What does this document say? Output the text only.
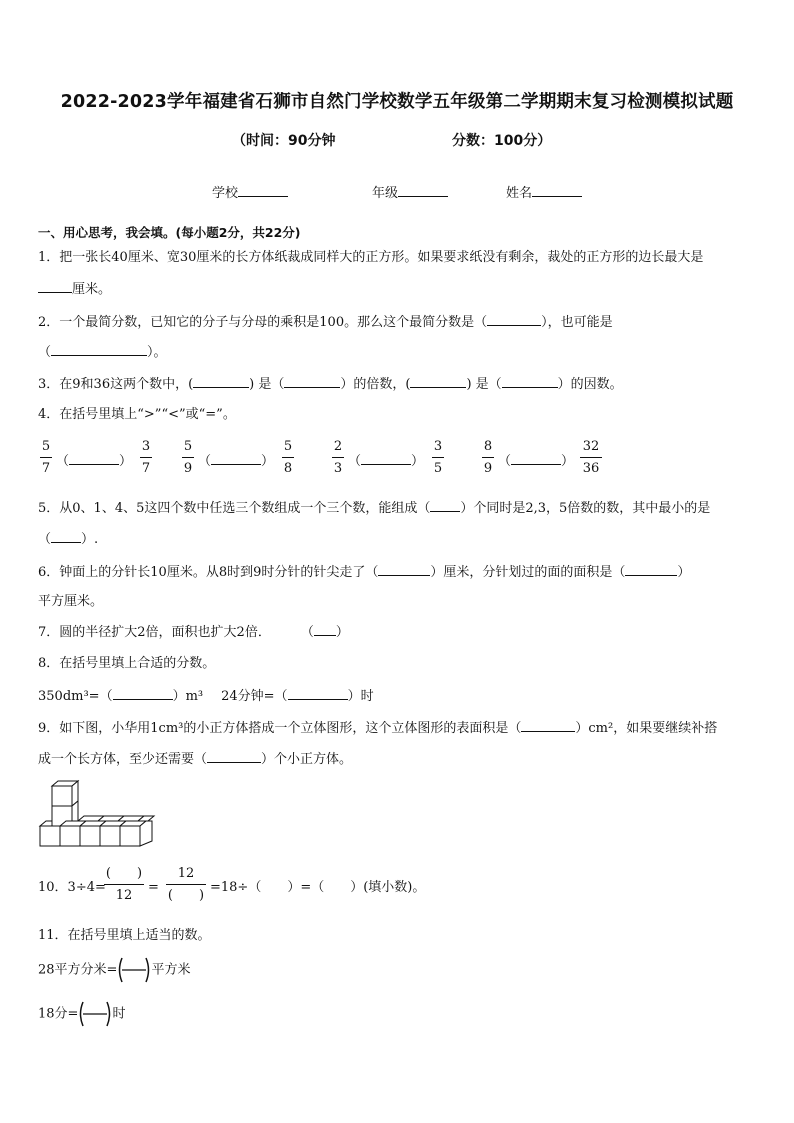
2022-2023学年福建省石狮市自然门学校数学五年级第二学期期末复习检测模拟试题
（时间：90分钟	分数：100分）
学校	年级	姓名
一、用心思考，我会填。(每小题2分，共22分)
1．把一张长40厘米、宽30厘米的长方体纸裁成同样大的正方形。如果要求纸没有剩余，裁处的正方形的边长最大是
厘米。
2．一个最简分数，已知它的分子与分母的乘积是100。那么这个最简分数是（	），也可能是
（	）。
3．在9和36这两个数中，(	) 是（	）的倍数，(	) 是（	）的因数。
4．在括号里填上“>”“<”或“=”。
5
7 （	）
3
7
5
9 （	）
5
8
2
3 （	）
3
5
8
9 （	）
32
36
5．从0、1、4、5这四个数中任选三个数组成一个三个数，能组成（ ）个同时是2,3，5倍数的数，其中最小的是
（ ）.
6．钟面上的分针长10厘米。从8时到9时分针的针尖走了（	）厘米，分针划过的面的面积是（	）
平方厘米。
7．圆的半径扩大2倍，面积也扩大2倍． （ ）
8．在括号里填上合适的分数。
350dm³=（	）m³ 24分钟=（	）时
9．如下图，小华用1cm³的小正方体搭成一个立体图形，这个立体图形的表面积是（	）cm²，如果要继续补搭
成一个长方体，至少还需要（	）个小正方体。
10．3÷4=
(　　)
12
=
12
(　　)
=18÷（　　）=（　　）(填小数)。
11．在括号里填上适当的数。
28平方分米=	平方米
18分=	时
